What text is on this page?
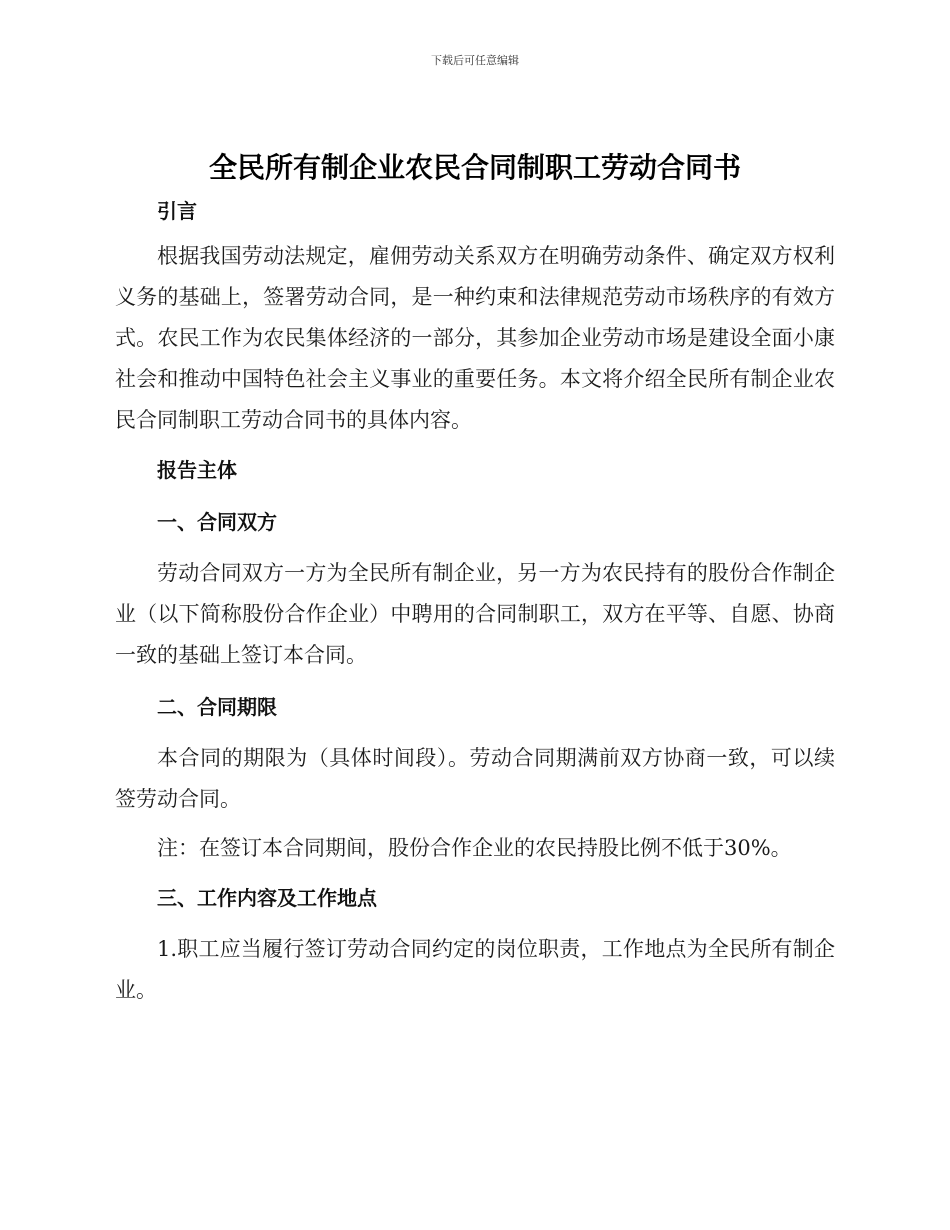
下载后可任意编辑
全民所有制企业农民合同制职工劳动合同书
引言

根据我国劳动法规定，雇佣劳动关系双方在明确劳动条件、确定双方权利义务的基础上，签署劳动合同，是一种约束和法律规范劳动市场秩序的有效方式。农民工作为农民集体经济的一部分，其参加企业劳动市场是建设全面小康社会和推动中国特色社会主义事业的重要任务。本文将介绍全民所有制企业农民合同制职工劳动合同书的具体内容。

报告主体
一、合同双方

劳动合同双方一方为全民所有制企业，另一方为农民持有的股份合作制企业（以下简称股份合作企业）中聘用的合同制职工，双方在平等、自愿、协商一致的基础上签订本合同。

二、合同期限

本合同的期限为（具体时间段）。劳动合同期满前双方协商一致，可以续签劳动合同。

注：在签订本合同期间，股份合作企业的农民持股比例不低于30%。

三、工作内容及工作地点

1.职工应当履行签订劳动合同约定的岗位职责，工作地点为全民所有制企业。
